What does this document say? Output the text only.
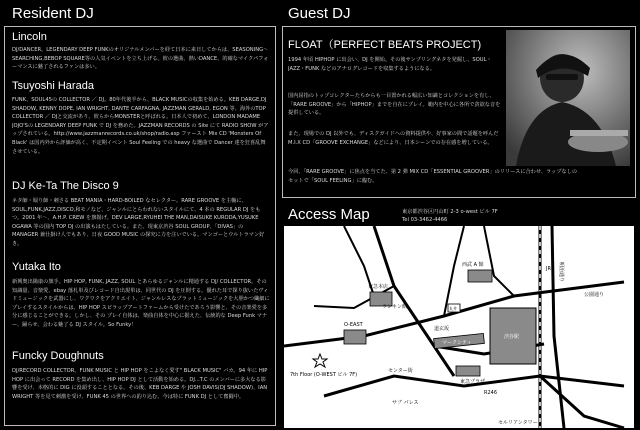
Resident DJ
Lincoln
DJ/DANCER。LEGENDARY DEEP FUNKのオリジナルメンバーを経て日本に来日してからは、SEASONING～SEARCHING,BEBOP SQUARE等の人気イベントを立ち上げる。彼の選曲、熱いDANCE、的確なマイクパフォーマンスに魅了されるファンは多い。
Tsuyoshi Harada
FUNK、SOUL45の COLLECTOR ／ DJ。80年代後半から、BLACK MUSICの収集を始める。KEB DARGE,DJ SHADOW, KENNY DOPE, IAN WRIGHT, DANTE CARFAGNA, JAZZMAN GERALD, EGON 等、海外のTOP COLLECTOR ／ DJと交流があり、彼らからMONSTERと呼ばれる。日本人で初めて、LONDON MADAME JOJO'Sの LEGENDARY DEEP FUNK で DJ を務めた。JAZZMAN RECORDS の Site にて RADIO SHOW がアップされている。http://www.jazzmanrecords.co.uk/shop/radio.asp ファースト Mix CD 'Monsters Of Black' は国内外から評価が高く、不定期イベント Soul Feeling での heavy な選曲で Dancer 達を狂喜乱舞させている。
DJ Ke-Ta The Disco 9
ネタ師・堀り師・刺さる BEAT MANIA・HARD-BOILED なセレクター。RARE GROOVE を主軸に、SOUL,FUNK,JAZZ,DISCO,和モノなど、ジャンルにとらわれないスタイルにて、4 本の REGULAR DJ をもつ。2001 年～、A.H.P. CREW を旗揚げ。DEV LARGE,RYUHEI THE MAN,DAISUKE KURODA,YUSUKE OGAWA 等の国内 TOP DJ の出演もはたしている。また、現東京渋谷 SOUL GROUP、「DIVAS」の MANAGER 兼仕掛け人でもあり、日夜 GOOD MUSIC の探究に力を注いでいる。マンゴーとウルトラマン好き。
Yutaka Ito
新興奥出陽康の旗手。HIP HOP, FUNK, JAZZ, SOUL とあらゆるジャンルに精通する DJ/ COLLECTOR。その知識量、音楽愛、ebay 落札単及びレコード自出現単は、同世代の DJ を圧倒する。優れた耳で探り抜いたヴィドミュージックを武器にし、ワクワクをアクリエイト、ジャンルレスなプラットミュージックを大胆かつ繊細にプレイするスタイルからは、HIP HOP スピラップアートファームから受けたであろう影響と、その音楽愛を多分に感じることができる。しかし、その プレイ自体は、楽曲自体を中心に据えた、伝統的な Deep Funk マナー、踊らせ、会わる魅了る DJ スタイル。So Funky！
Funcky Doughnuts
DJ/RECORD COLLECTOR。FUNK MUSIC と HIP HOP をこよなく愛す" BLACK MUSIC" バカ。94 年に HIP HOP に出会って RECORD を集め出し、HIP HOP DJ として活動を始める。DJ...T.C のメンバーに多大なる影響を受け、本格的に DIG に没頭することとなる。その後、KEB DARGE や JOSH DAVIS(DJ SHADOW)、IAN WRIGHT 等を見て刺激を受け、FUNK 45 の世界への釣り込む。今は特に FUNK DJ として奮闘中。
Guest DJ
FLOAT（PERFECT BEATS PROJECT)
1994 年頃 HIPHOP に出会い、DJ を開始。その後サンプリングネタを発掘し、SOUL・JAZZ・FUNK などのアナログレコードを収集するようになる。
国内屈指のトップコレクターたちからも一目置かれる幅広い知識とコレクションを有し、「RARE GROOVE」から「HIPHOP」までを自在にプレイ。範内を中心に各所で貪欲な音を提供している。
また、現場での DJ 以外でも、ディスクガイドへの資料提供や、好事家の間で話題を呼んだ M.I.X CD「GROOVE EXCHANGE」などにより、日本シーンでの存在感を増している。
今回、「RARE GROOVE」に焦点を当てた、第 2 弾 MIX CD「ESSENTIAL GROOVER」のリリースに合わせ、ラップなしのセットで「SOUL FEELING」に臨む。
Access Map	東京都渋谷区円山町 2-3 o-west ビル 7F
Tel 03-3462-4466
JR 明治通り
渋谷駅
マークシティ
東急プラザ
西武 A 館
丸井
東急本店
O-EAST
ランキン館
道玄坂
センター街
サブ パレス
R246
セルリアンタワー
公園通り
7th Floor (O-WEST ビル 7F)
